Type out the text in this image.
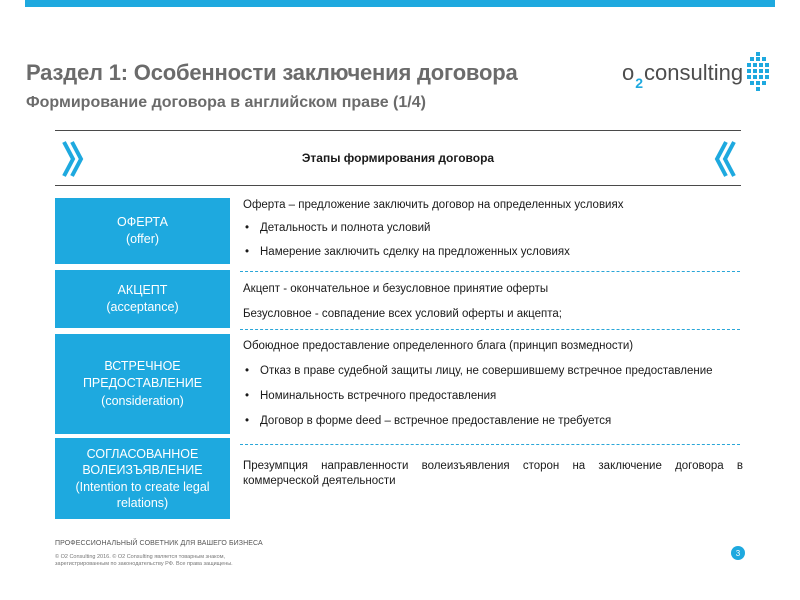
Раздел 1: Особенности заключения договора
Формирование договора в английском праве (1/4)
$o_2consulting$
Этапы формирования договора
ОФЕРТА
(offer)
Оферта – предложение заключить договор на определенных условиях
• Детальность и полнота условий
• Намерение заключить сделку на предложенных условиях
АКЦЕПТ
(acceptance)
Акцепт - окончательное и безусловное принятие оферты
Безусловное - совпадение всех условий оферты и акцепта;
ВСТРЕЧНОЕ
ПРЕДОСТАВЛЕНИЕ
(consideration)
Обоюдное предоставление определенного блага (принцип возмедности)
• Отказ в праве судебной защиты лицу, не совершившему встречное предоставление
• Номинальность встречного предоставления
• Договор в форме deed – встречное предоставление не требуется
СОГЛАСОВАННОЕ
ВОЛЕИЗЪЯВЛЕНИЕ
(Intention to create legal
relations)
Презумпция направленности волеизъявления сторон на заключение договора в коммерческой деятельности
ПРОФЕССИОНАЛЬНЫЙ СОВЕТНИК ДЛЯ ВАШЕГО БИЗНЕСА
© O2 Consulting 2016. © O2 Consulting является товарным знаком,
зарегистрированным по законодательству РФ. Все права защищены.
3
